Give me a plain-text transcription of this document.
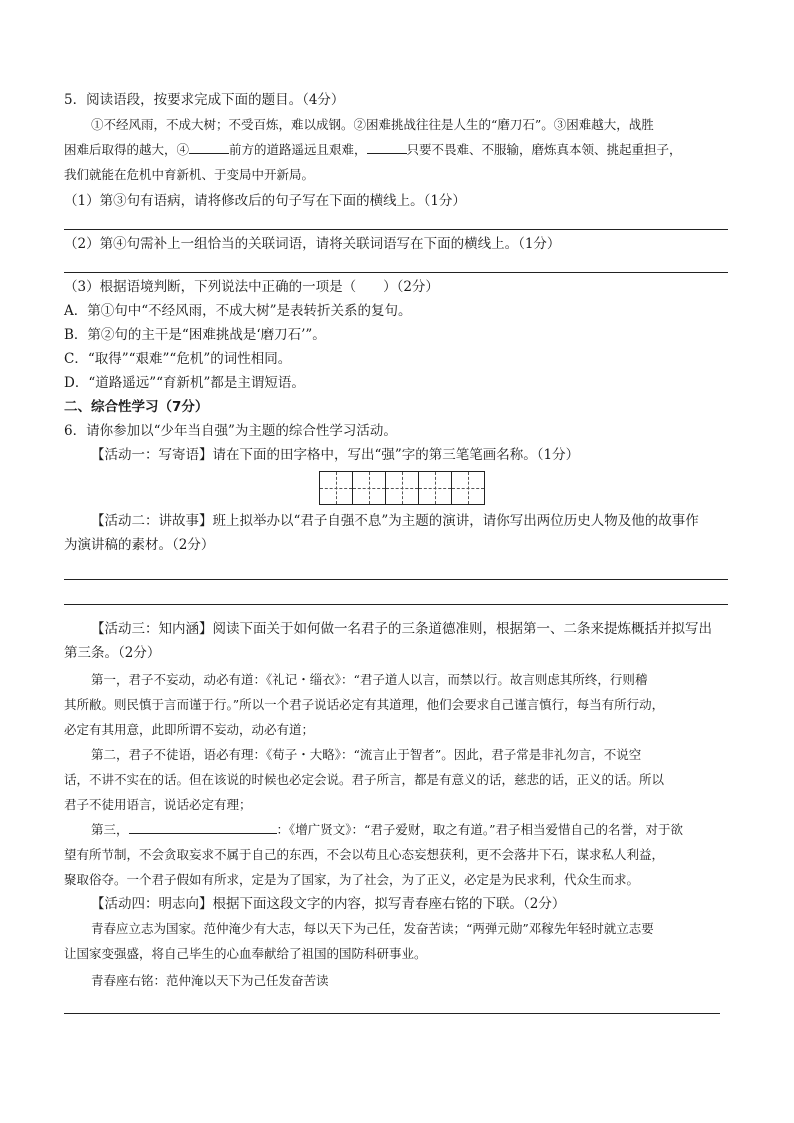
5．阅读语段，按要求完成下面的题目。（4分）
①不经风雨，不成大树；不受百炼，难以成钢。②困难挑战往往是人生的“磨刀石”。③困难越大，战胜
困难后取得的越大，④	前方的道路遥远且艰难，	只要不畏难、不服输，磨炼真本领、挑起重担子，
我们就能在危机中育新机、于变局中开新局。
（1）第③句有语病，请将修改后的句子写在下面的横线上。（1分）
（2）第④句需补上一组恰当的关联词语，请将关联词语写在下面的横线上。（1分）
（3）根据语境判断，下列说法中正确的一项是（　　）（2分）
A．第①句中“不经风雨，不成大树”是表转折关系的复句。
B．第②句的主干是“困难挑战是‘磨刀石’”。
C．“取得”“艰难”“危机”的词性相同。
D．“道路遥远”“育新机”都是主谓短语。
二、综合性学习（7分）
6．请你参加以“少年当自强”为主题的综合性学习活动。
【活动一：写寄语】请在下面的田字格中，写出“强”字的第三笔笔画名称。（1分）
【活动二：讲故事】班上拟举办以“君子自强不息”为主题的演讲，请你写出两位历史人物及他的故事作
为演讲稿的素材。（2分）
【活动三：知内涵】阅读下面关于如何做一名君子的三条道德准则，根据第一、二条来提炼概括并拟写出
第三条。（2分）
第一，君子不妄动，动必有道：《礼记・缁衣》：“君子道人以言，而禁以行。故言则虑其所终，行则稽
其所敝。则民慎于言而谨于行。”所以一个君子说话必定有其道理，他们会要求自己谨言慎行，每当有所行动，
必定有其用意，此即所谓不妄动，动必有道；
第二，君子不徒语，语必有理：《荀子・大略》：“流言止于智者”。因此，君子常是非礼勿言，不说空
话，不讲不实在的话。但在该说的时候也必定会说。君子所言，都是有意义的话，慈悲的话，正义的话。所以
君子不徒用语言，说话必定有理；
第三，	：《增广贤文》：“君子爱财，取之有道。”君子相当爱惜自己的名誉，对于欲
望有所节制，不会贪取妄求不属于自己的东西，不会以苟且心态妄想获利，更不会落井下石，谋求私人利益，
聚取俗夺。一个君子假如有所求，定是为了国家，为了社会，为了正义，必定是为民求利，代众生而求。
【活动四：明志向】根据下面这段文字的内容，拟写青春座右铭的下联。（2分）
青春应立志为国家。范仲淹少有大志，每以天下为己任，发奋苦读；“两弹元勋”邓稼先年轻时就立志要
让国家变强盛，将自己毕生的心血奉献给了祖国的国防科研事业。
青春座右铭：范仲淹以天下为己任发奋苦读
